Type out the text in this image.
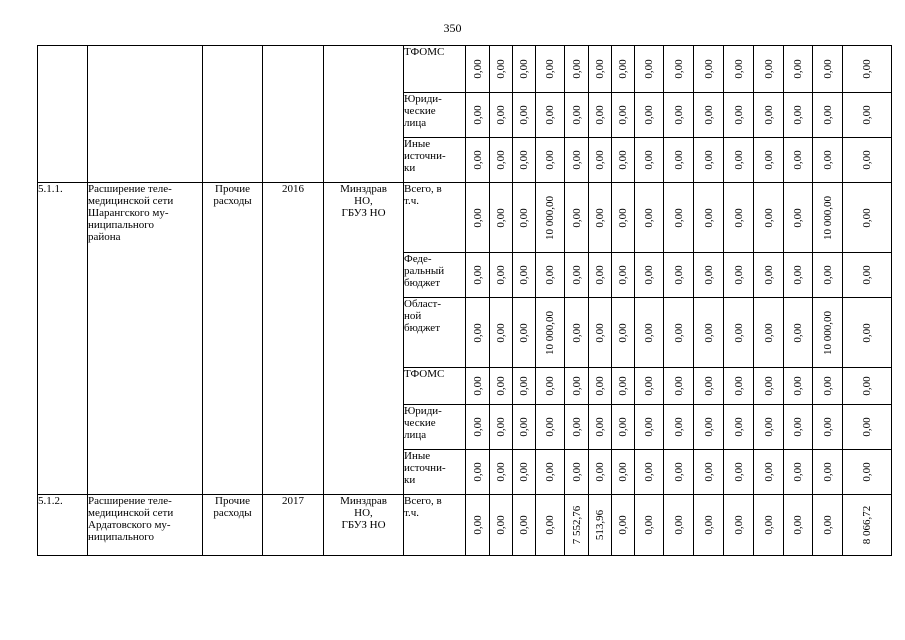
350
					ТФОМС	0,00	0,00	0,00	0,00	0,00	0,00	0,00	0,00	0,00	0,00	0,00	0,00	0,00	0,00	0,00

					Юриди-
ческие
лица	0,00	0,00	0,00	0,00	0,00	0,00	0,00	0,00	0,00	0,00	0,00	0,00	0,00	0,00	0,00

					Иные
источни-
ки	0,00	0,00	0,00	0,00	0,00	0,00	0,00	0,00	0,00	0,00	0,00	0,00	0,00	0,00	0,00

5.1.1.	Расширение теле-
медицинской сети
Шарангского му-
ниципального
района	Прочие
расходы	2016	Минздрав
НО,
ГБУЗ НО	Всего, в
т.ч.	0,00	0,00	0,00	10 000,00	0,00	0,00	0,00	0,00	0,00	0,00	0,00	0,00	0,00	10 000,00	0,00

					Феде-
ральный
бюджет	0,00	0,00	0,00	0,00	0,00	0,00	0,00	0,00	0,00	0,00	0,00	0,00	0,00	0,00	0,00

					Област-
ной
бюджет	0,00	0,00	0,00	10 000,00	0,00	0,00	0,00	0,00	0,00	0,00	0,00	0,00	0,00	10 000,00	0,00

					ТФОМС	0,00	0,00	0,00	0,00	0,00	0,00	0,00	0,00	0,00	0,00	0,00	0,00	0,00	0,00	0,00

					Юриди-
ческие
лица	0,00	0,00	0,00	0,00	0,00	0,00	0,00	0,00	0,00	0,00	0,00	0,00	0,00	0,00	0,00

					Иные
источни-
ки	0,00	0,00	0,00	0,00	0,00	0,00	0,00	0,00	0,00	0,00	0,00	0,00	0,00	0,00	0,00

5.1.2.	Расширение теле-
медицинской сети
Ардатовского му-
ниципального	Прочие
расходы	2017	Минздрав
НО,
ГБУЗ НО	Всего, в
т.ч.	0,00	0,00	0,00	0,00	7 552,76	513,96	0,00	0,00	0,00	0,00	0,00	0,00	0,00	0,00	8 066,72
